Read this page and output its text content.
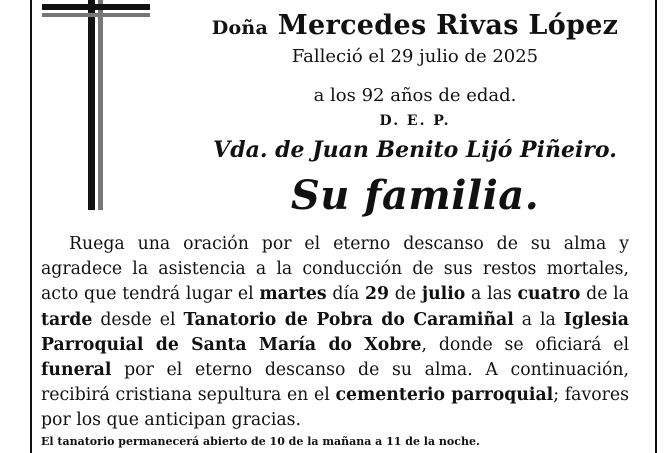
Doña Mercedes Rivas López
Falleció el 29 julio de 2025
a los 92 años de edad.
D. E. P.
Vda. de Juan Benito Lijó Piñeiro.
Su familia.
Ruega una oración por el eterno descanso de su alma y agradece la asistencia a la conducción de sus restos mortales, acto que tendrá lugar el martes día 29 de julio a las cuatro de la tarde desde el Tanatorio de Pobra do Caramiñal a la Iglesia Parroquial de Santa María do Xobre, donde se oficiará el funeral por el eterno descanso de su alma. A continuación, recibirá cristiana sepultura en el cementerio parroquial; favores por los que anticipan gracias.
El tanatorio permanecerá abierto de 10 de la mañana a 11 de la noche.
